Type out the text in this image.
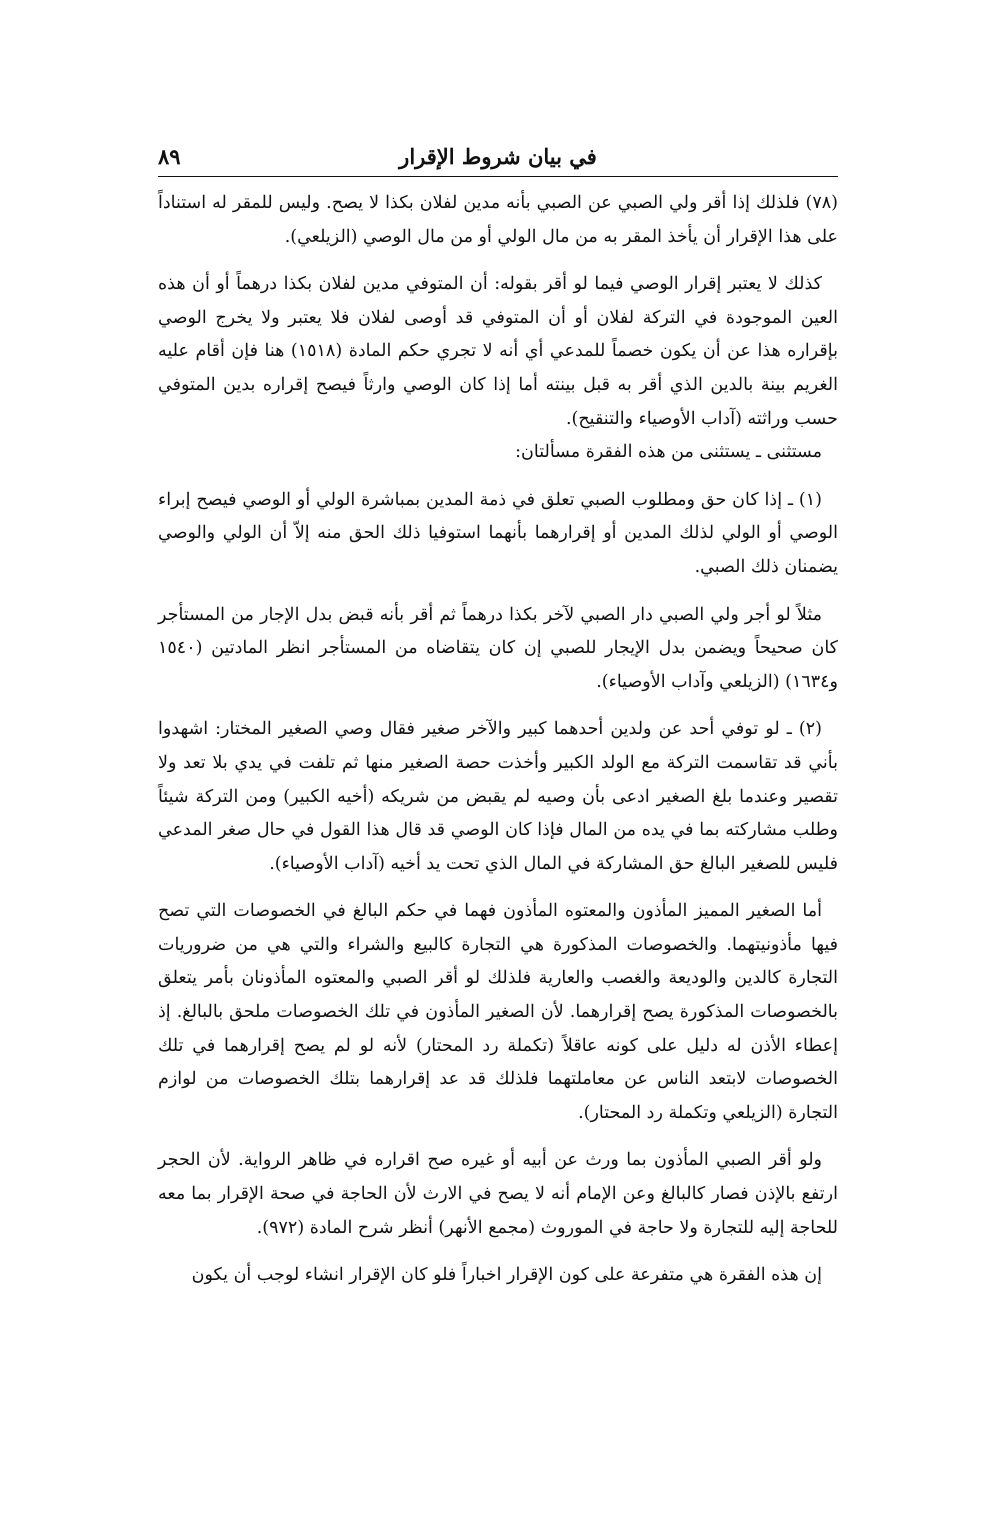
في بيان شروط الإقرار
٨٩

(٧٨) فلذلك إذا أقر ولي الصبي عن الصبي بأنه مدين لفلان بكذا لا يصح. وليس للمقر له استناداً على هذا الإقرار أن يأخذ المقر به من مال الولي أو من مال الوصي (الزيلعي).

كذلك لا يعتبر إقرار الوصي فيما لو أقر بقوله: أن المتوفي مدين لفلان بكذا درهماً أو أن هذه العين الموجودة في التركة لفلان أو أن المتوفي قد أوصى لفلان فلا يعتبر ولا يخرج الوصي بإقراره هذا عن أن يكون خصماً للمدعي أي أنه لا تجري حكم المادة (١٥١٨) هنا فإن أقام عليه الغريم بينة بالدين الذي أقر به قبل بينته أما إذا كان الوصي وارثاً فيصح إقراره بدين المتوفي حسب وراثته (آداب الأوصياء والتنقيح).

مستثنى ـ يستثنى من هذه الفقرة مسألتان:

(١) ـ إذا كان حق ومطلوب الصبي تعلق في ذمة المدين بمباشرة الولي أو الوصي فيصح إبراء الوصي أو الولي لذلك المدين أو إقرارهما بأنهما استوفيا ذلك الحق منه إلاّ أن الولي والوصي يضمنان ذلك الصبي.

مثلاً لو أجر ولي الصبي دار الصبي لآخر بكذا درهماً ثم أقر بأنه قبض بدل الإجار من المستأجر كان صحيحاً ويضمن بدل الإيجار للصبي إن كان يتقاضاه من المستأجر انظر المادتين (١٥٤٠ و١٦٣٤) (الزيلعي وآداب الأوصياء).

(٢) ـ لو توفي أحد عن ولدين أحدهما كبير والآخر صغير فقال وصي الصغير المختار: اشهدوا بأني قد تقاسمت التركة مع الولد الكبير وأخذت حصة الصغير منها ثم تلفت في يدي بلا تعد ولا تقصير وعندما بلغ الصغير ادعى بأن وصيه لم يقبض من شريكه (أخيه الكبير) ومن التركة شيئاً وطلب مشاركته بما في يده من المال فإذا كان الوصي قد قال هذا القول في حال صغر المدعي فليس للصغير البالغ حق المشاركة في المال الذي تحت يد أخيه (آداب الأوصياء).

أما الصغير المميز المأذون والمعتوه المأذون فهما في حكم البالغ في الخصوصات التي تصح فيها مأذونيتهما. والخصوصات المذكورة هي التجارة كالبيع والشراء والتي هي من ضروريات التجارة كالدين والوديعة والغصب والعارية فلذلك لو أقر الصبي والمعتوه المأذونان بأمر يتعلق بالخصوصات المذكورة يصح إقرارهما. لأن الصغير المأذون في تلك الخصوصات ملحق بالبالغ. إذ إعطاء الأذن له دليل على كونه عاقلاً (تكملة رد المحتار) لأنه لو لم يصح إقرارهما في تلك الخصوصات لابتعد الناس عن معاملتهما فلذلك قد عد إقرارهما بتلك الخصوصات من لوازم التجارة (الزيلعي وتكملة رد المحتار).

ولو أقر الصبي المأذون بما ورث عن أبيه أو غيره صح اقراره في ظاهر الرواية. لأن الحجر ارتفع بالإذن فصار كالبالغ وعن الإمام أنه لا يصح في الارث لأن الحاجة في صحة الإقرار بما معه للحاجة إليه للتجارة ولا حاجة في الموروث (مجمع الأنهر) أنظر شرح المادة (٩٧٢).

إن هذه الفقرة هي متفرعة على كون الإقرار اخباراً فلو كان الإقرار انشاء لوجب أن يكون
